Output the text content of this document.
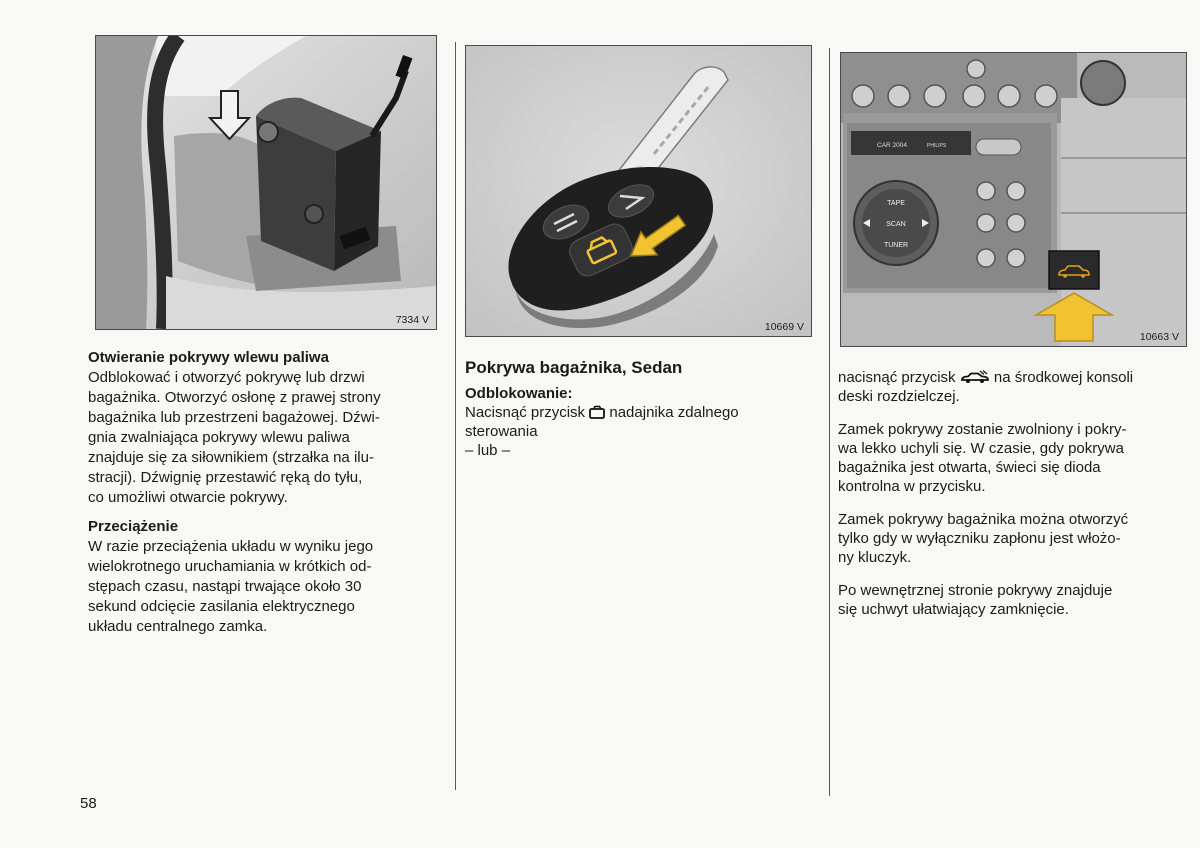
7334 V
10669 V
CAR 2004	PHILIPS
TAPE
SCAN
TUNER
10663 V
Otwieranie pokrywy wlewu paliwa
Odblokować i otworzyć pokrywę lub drzwi
bagażnika. Otworzyć osłonę z prawej strony
bagażnika lub przestrzeni bagażowej. Dźwi-
gnia zwalniająca pokrywy wlewu paliwa
znajduje się za siłownikiem (strzałka na ilu-
stracji). Dźwignię przestawić ręką do tyłu,
co umożliwi otwarcie pokrywy.
Przeciążenie
W razie przeciążenia układu w wyniku jego
wielokrotnego uruchamiania w krótkich od-
stępach czasu, nastąpi trwające około 30
sekund odcięcie zasilania elektrycznego
układu centralnego zamka.
Pokrywa bagażnika, Sedan
Odblokowanie:
Nacisnąć przycisk nadajnika zdalnego
sterowania
– lub –
nacisnąć przycisk	na środkowej konsoli
deski rozdzielczej.
Zamek pokrywy zostanie zwolniony i pokry-
wa lekko uchyli się. W czasie, gdy pokrywa
bagażnika jest otwarta, świeci się dioda
kontrolna w przycisku.
Zamek pokrywy bagażnika można otworzyć
tylko gdy w wyłączniku zapłonu jest włożo-
ny kluczyk.
Po wewnętrznej stronie pokrywy znajduje
się uchwyt ułatwiający zamknięcie.
58
